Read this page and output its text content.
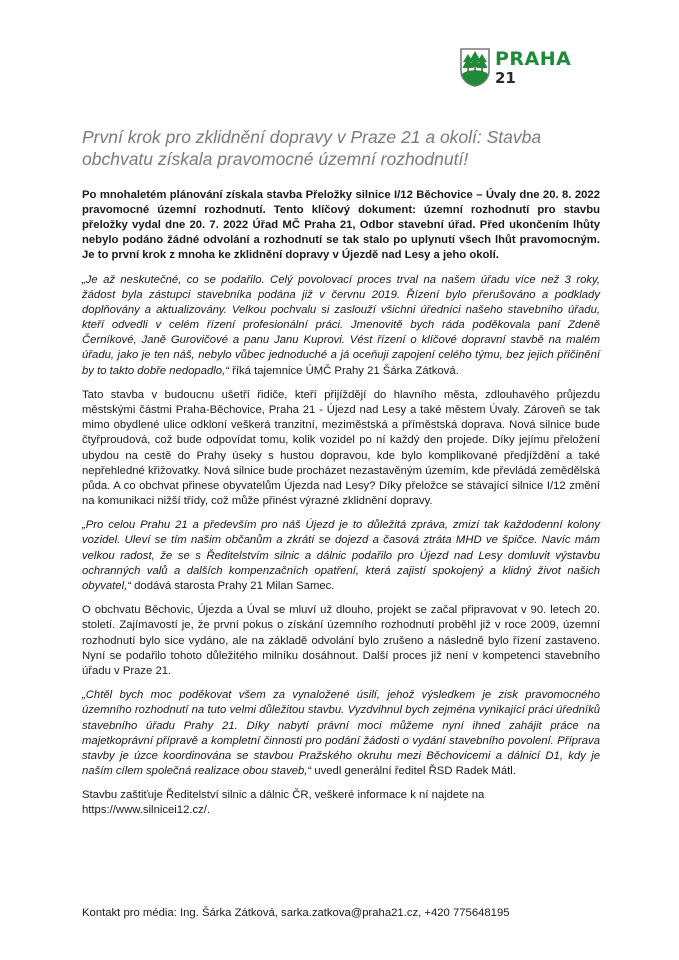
PRAHA
21
První krok pro zklidnění dopravy v Praze 21 a okolí: Stavba obchvatu získala pravomocné územní rozhodnutí!

Po mnohaletém plánování získala stavba Přeložky silnice I/12 Běchovice – Úvaly dne 20. 8. 2022 pravomocné územní rozhodnutí. Tento klíčový dokument: územní rozhodnutí pro stavbu přeložky vydal dne 20. 7. 2022 Úřad MČ Praha 21, Odbor stavební úřad. Před ukončením lhůty nebylo podáno žádné odvolání a rozhodnutí se tak stalo po uplynutí všech lhůt pravomocným. Je to první krok z mnoha ke zklidnění dopravy v Újezdě nad Lesy a jeho okolí.

„Je až neskutečné, co se podařilo. Celý povolovací proces trval na našem úřadu více než 3 roky, žádost byla zástupci stavebníka podána již v červnu 2019. Řízení bylo přerušováno a podklady doplňovány a aktualizovány. Velkou pochvalu si zaslouží všichni úředníci našeho stavebního úřadu, kteří odvedli v celém řízení profesionální práci. Jmenovitě bych ráda poděkovala paní Zdeně Černíkové, Janě Gurovičové a panu Janu Kuprovi. Vést řízení o klíčové dopravní stavbě na malém úřadu, jako je ten náš, nebylo vůbec jednoduché a já oceňuji zapojení celého týmu, bez jejich přičinění by to takto dobře nedopadlo,“ říká tajemnice ÚMČ Prahy 21 Šárka Zátková.

Tato stavba v budoucnu ušetří řidiče, kteří přijíždějí do hlavního města, zdlouhavého průjezdu městskými částmi Praha-Běchovice, Praha 21 - Újezd nad Lesy a také městem Úvaly. Zároveň se tak mimo obydlené ulice odkloní veškerá tranzitní, meziměstská a příměstská doprava. Nová silnice bude čtyřproudová, což bude odpovídat tomu, kolik vozidel po ní každý den projede. Díky jejímu přeložení ubydou na cestě do Prahy úseky s hustou dopravou, kde bylo komplikované předjíždění a také nepřehledné křižovatky. Nová silnice bude procházet nezastavěným územím, kde převládá zemědělská půda. A co obchvat přinese obyvatelům Újezda nad Lesy? Díky přeložce se stávající silnice I/12 změní na komunikaci nižší třídy, což může přinést výrazné zklidnění dopravy.

„Pro celou Prahu 21 a především pro náš Újezd je to důležitá zpráva, zmizí tak každodenní kolony vozidel. Uleví se tím našim občanům a zkrátí se dojezd a časová ztráta MHD ve špičce. Navíc mám velkou radost, že se s Ředitelstvím silnic a dálnic podařilo pro Újezd nad Lesy domluvit výstavbu ochranných valů a dalších kompenzačních opatření, která zajistí spokojený a klidný život našich obyvatel,“ dodává starosta Prahy 21 Milan Samec.

O obchvatu Běchovic, Újezda a Úval se mluví už dlouho, projekt se začal připravovat v 90. letech 20. století. Zajímavostí je, že první pokus o získání územního rozhodnutí proběhl již v roce 2009, územní rozhodnutí bylo sice vydáno, ale na základě odvolání bylo zrušeno a následně bylo řízení zastaveno. Nyní se podařilo tohoto důležitého milníku dosáhnout. Další proces již není v kompetenci stavebního úřadu v Praze 21.

„Chtěl bych moc poděkovat všem za vynaložené úsilí, jehož výsledkem je zisk pravomocného územního rozhodnutí na tuto velmi důležitou stavbu. Vyzdvihnul bych zejména vynikající práci úředníků stavebního úřadu Prahy 21. Díky nabytí právní moci můžeme nyní ihned zahájit práce na majetkoprávní přípravě a kompletní činnosti pro podání žádosti o vydání stavebního povolení. Příprava stavby je úzce koordinována se stavbou Pražského okruhu mezi Běchovicemi a dálnicí D1, kdy je naším cílem společná realizace obou staveb,“ uvedl generální ředitel ŘSD Radek Mátl.

Stavbu zaštiťuje Ředitelství silnic a dálnic ČR, veškeré informace k ní najdete na
https://www.silnicei12.cz/.

Kontakt pro média: Ing. Šárka Zátková, sarka.zatkova@praha21.cz, +420 775648195
